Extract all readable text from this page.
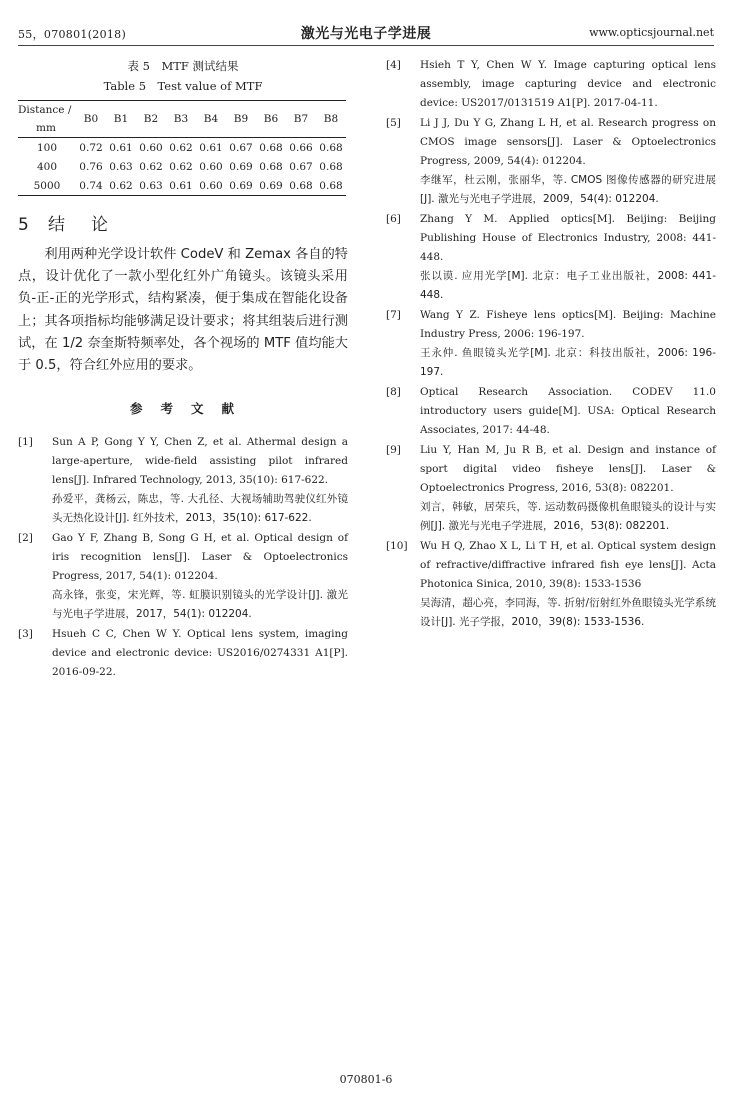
55，070801(2018)	激光与光电子学进展	www.opticsjournal.net
表 5　MTF 测试结果
Table 5　Test value of MTF
Distance /
mm	B0	B1	B2	B3	B4	B9	B6	B7	B8
100	0.72	0.61	0.60	0.62	0.61	0.67	0.68	0.66	0.68
400	0.76	0.63	0.62	0.62	0.60	0.69	0.68	0.67	0.68
5000	0.74	0.62	0.63	0.61	0.60	0.69	0.69	0.68	0.68
5 结论
利用两种光学设计软件 CodeV 和 Zemax 各自的特点，设计优化了一款小型化红外广角镜头。该镜头采用负-正-正的光学形式，结构紧凑，便于集成在智能化设备上；其各项指标均能够满足设计要求；将其组装后进行测试，在 1/2 奈奎斯特频率处，各个视场的 MTF 值均能大于 0.5，符合红外应用的要求。
参考文献
[1] Sun A P, Gong Y Y, Chen Z, et al. Athermal design a large-aperture, wide-field assisting pilot infrared lens[J]. Infrared Technology, 2013, 35(10): 617-622.

孙爱平，龚杨云，陈忠，等. 大孔径、大视场辅助驾驶仪红外镜头无热化设计[J]. 红外技术，2013，35(10): 617-622.

[2] Gao Y F, Zhang B, Song G H, et al. Optical design of iris recognition lens[J]. Laser & Optoelectronics Progress, 2017, 54(1): 012204.

高永锋，张变，宋光辉，等. 虹膜识别镜头的光学设计[J]. 激光与光电子学进展，2017，54(1): 012204.

[3] Hsueh C C, Chen W Y. Optical lens system, imaging device and electronic device: US2016/0274331 A1[P]. 2016-09-22.

[4] Hsieh T Y, Chen W Y. Image capturing optical lens assembly, image capturing device and electronic device: US2017/0131519 A1[P]. 2017-04-11.

[5] Li J J, Du Y G, Zhang L H, et al. Research progress on CMOS image sensors[J]. Laser & Optoelectronics Progress, 2009, 54(4): 012204.

李继军，杜云刚，张丽华，等. CMOS 图像传感器的研究进展[J]. 激光与光电子学进展，2009，54(4): 012204.

[6] Zhang Y M. Applied optics[M]. Beijing: Beijing Publishing House of Electronics Industry, 2008: 441-448.

张以谟. 应用光学[M]. 北京：电子工业出版社，2008: 441-448.

[7] Wang Y Z. Fisheye lens optics[M]. Beijing: Machine Industry Press, 2006: 196-197.

王永仲. 鱼眼镜头光学[M]. 北京：科技出版社，2006: 196-197.

[8] Optical Research Association. CODEV 11.0 introductory users guide[M]. USA: Optical Research Associates, 2017: 44-48.

[9] Liu Y, Han M, Ju R B, et al. Design and instance of sport digital video fisheye lens[J]. Laser & Optoelectronics Progress, 2016, 53(8): 082201.

刘言，韩敏，居荣兵，等. 运动数码摄像机鱼眼镜头的设计与实例[J]. 激光与光电子学进展，2016，53(8): 082201.

[10] Wu H Q, Zhao X L, Li T H, et al. Optical system design of refractive/diffractive infrared fish eye lens[J]. Acta Photonica Sinica, 2010, 39(8): 1533-1536

吴海清，超心亮，李同海，等. 折射/衍射红外鱼眼镜头光学系统设计[J]. 光子学报，2010，39(8): 1533-1536.

070801-6
